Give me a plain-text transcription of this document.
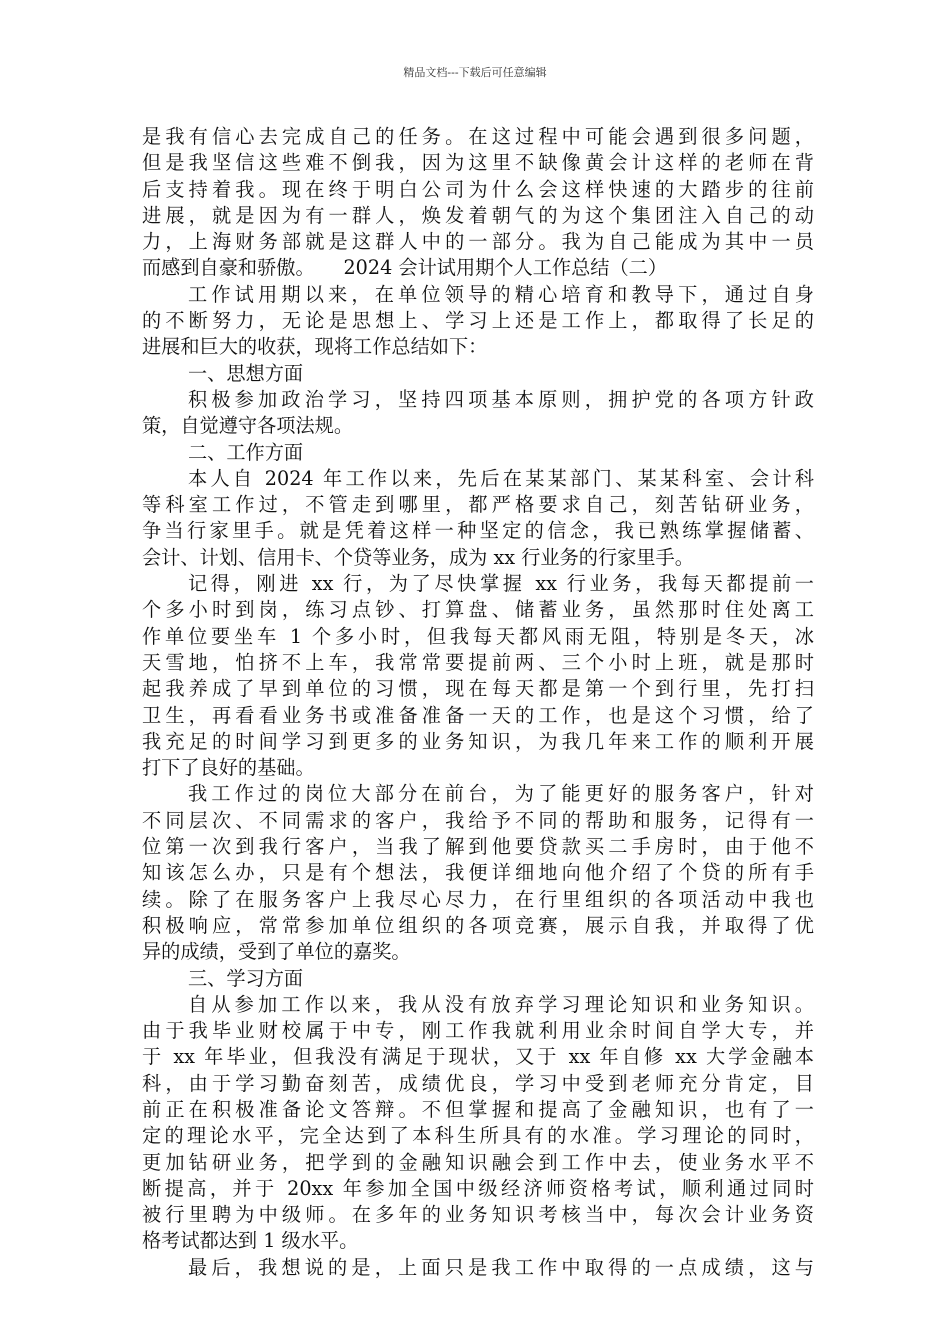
精品文档---下载后可任意编辑
是我有信心去完成自己的任务。在这过程中可能会遇到很多问题，
但是我坚信这些难不倒我，因为这里不缺像黄会计这样的老师在背
后支持着我。现在终于明白公司为什么会这样快速的大踏步的往前
进展，就是因为有一群人，焕发着朝气的为这个集团注入自己的动
力，上海财务部就是这群人中的一部分。我为自己能成为其中一员
而感到自豪和骄傲。　　2024 会计试用期个人工作总结（二）
工作试用期以来，在单位领导的精心培育和教导下，通过自身
的不断努力，无论是思想上、学习上还是工作上，都取得了长足的
进展和巨大的收获，现将工作总结如下：
一、思想方面
积极参加政治学习，坚持四项基本原则，拥护党的各项方针政
策，自觉遵守各项法规。
二、工作方面
本人自 2024 年工作以来，先后在某某部门、某某科室、会计科
等科室工作过，不管走到哪里，都严格要求自己，刻苦钻研业务，
争当行家里手。就是凭着这样一种坚定的信念，我已熟练掌握储蓄、
会计、计划、信用卡、个贷等业务，成为 xx 行业务的行家里手。
记得，刚进 xx 行，为了尽快掌握 xx 行业务，我每天都提前一
个多小时到岗，练习点钞、打算盘、储蓄业务，虽然那时住处离工
作单位要坐车 1 个多小时，但我每天都风雨无阻，特别是冬天，冰
天雪地，怕挤不上车，我常常要提前两、三个小时上班，就是那时
起我养成了早到单位的习惯，现在每天都是第一个到行里，先打扫
卫生，再看看业务书或准备准备一天的工作，也是这个习惯，给了
我充足的时间学习到更多的业务知识，为我几年来工作的顺利开展
打下了良好的基础。
我工作过的岗位大部分在前台，为了能更好的服务客户，针对
不同层次、不同需求的客户，我给予不同的帮助和服务，记得有一
位第一次到我行客户，当我了解到他要贷款买二手房时，由于他不
知该怎么办，只是有个想法，我便详细地向他介绍了个贷的所有手
续。除了在服务客户上我尽心尽力，在行里组织的各项活动中我也
积极响应，常常参加单位组织的各项竞赛，展示自我，并取得了优
异的成绩，受到了单位的嘉奖。
三、学习方面
自从参加工作以来，我从没有放弃学习理论知识和业务知识。
由于我毕业财校属于中专，刚工作我就利用业余时间自学大专，并
于 xx 年毕业，但我没有满足于现状，又于 xx 年自修 xx 大学金融本
科，由于学习勤奋刻苦，成绩优良，学习中受到老师充分肯定，目
前正在积极准备论文答辩。不但掌握和提高了金融知识，也有了一
定的理论水平，完全达到了本科生所具有的水准。学习理论的同时，
更加钻研业务，把学到的金融知识融会到工作中去，使业务水平不
断提高，并于 20xx 年参加全国中级经济师资格考试，顺利通过同时
被行里聘为中级师。在多年的业务知识考核当中，每次会计业务资
格考试都达到 1 级水平。
最后，我想说的是，上面只是我工作中取得的一点成绩，这与
